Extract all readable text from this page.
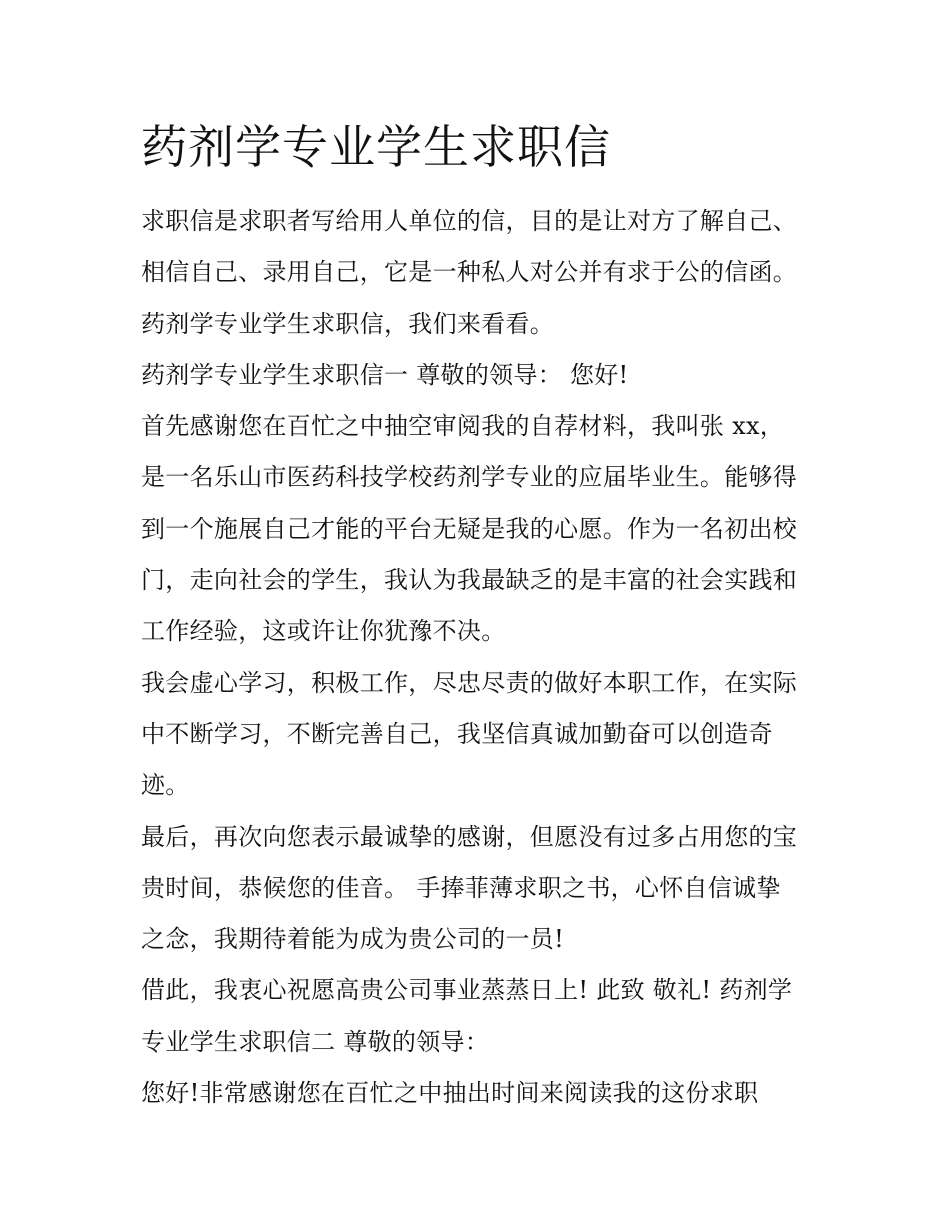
药剂学专业学生求职信
求职信是求职者写给用人单位的信，目的是让对方了解自己、
相信自己、录用自己，它是一种私人对公并有求于公的信函。
药剂学专业学生求职信，我们来看看。
药剂学专业学生求职信一 尊敬的领导： 您好!
首先感谢您在百忙之中抽空审阅我的自荐材料，我叫张 xx，
是一名乐山市医药科技学校药剂学专业的应届毕业生。能够得
到一个施展自己才能的平台无疑是我的心愿。作为一名初出校
门，走向社会的学生，我认为我最缺乏的是丰富的社会实践和
工作经验，这或许让你犹豫不决。
我会虚心学习，积极工作，尽忠尽责的做好本职工作，在实际
中不断学习，不断完善自己，我坚信真诚加勤奋可以创造奇
迹。
最后，再次向您表示最诚挚的感谢，但愿没有过多占用您的宝
贵时间，恭候您的佳音。 手捧菲薄求职之书，心怀自信诚挚
之念，我期待着能为成为贵公司的一员!
借此，我衷心祝愿高贵公司事业蒸蒸日上! 此致 敬礼! 药剂学
专业学生求职信二 尊敬的领导：
您好!非常感谢您在百忙之中抽出时间来阅读我的这份求职
